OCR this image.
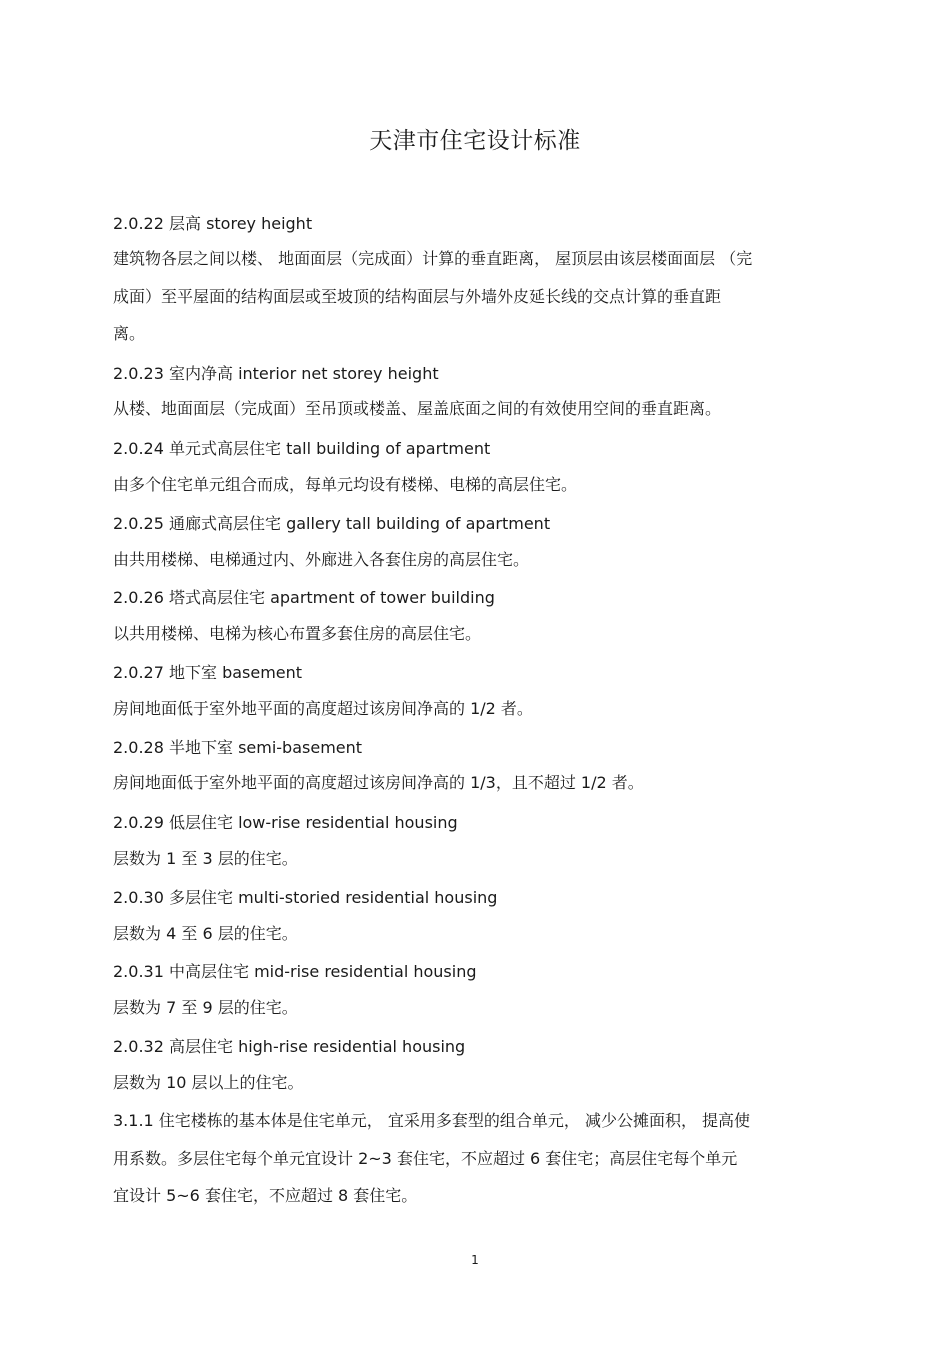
天津市住宅设计标准
2.0.22 层高 storey height
建筑物各层之间以楼、 地面面层（完成面）计算的垂直距离， 屋顶层由该层楼面面层 （完
成面）至平屋面的结构面层或至坡顶的结构面层与外墙外皮延长线的交点计算的垂直距
离。
2.0.23 室内净高 interior net storey height
从楼、地面面层（完成面）至吊顶或楼盖、屋盖底面之间的有效使用空间的垂直距离。
2.0.24 单元式高层住宅 tall building of apartment
由多个住宅单元组合而成，每单元均设有楼梯、电梯的高层住宅。
2.0.25 通廊式高层住宅 gallery tall building of apartment
由共用楼梯、电梯通过内、外廊进入各套住房的高层住宅。
2.0.26 塔式高层住宅 apartment of tower building
以共用楼梯、电梯为核心布置多套住房的高层住宅。
2.0.27 地下室 basement
房间地面低于室外地平面的高度超过该房间净高的 1/2 者。
2.0.28 半地下室 semi-basement
房间地面低于室外地平面的高度超过该房间净高的 1/3，且不超过 1/2 者。
2.0.29 低层住宅 low-rise residential housing
层数为 1 至 3 层的住宅。
2.0.30 多层住宅 multi-storied residential housing
层数为 4 至 6 层的住宅。
2.0.31 中高层住宅 mid-rise residential housing
层数为 7 至 9 层的住宅。
2.0.32 高层住宅 high-rise residential housing
层数为 10 层以上的住宅。
3.1.1 住宅楼栋的基本体是住宅单元， 宜采用多套型的组合单元， 减少公摊面积， 提高使
用系数。多层住宅每个单元宜设计 2~3 套住宅，不应超过 6 套住宅；高层住宅每个单元
宜设计 5~6 套住宅，不应超过 8 套住宅。
1
